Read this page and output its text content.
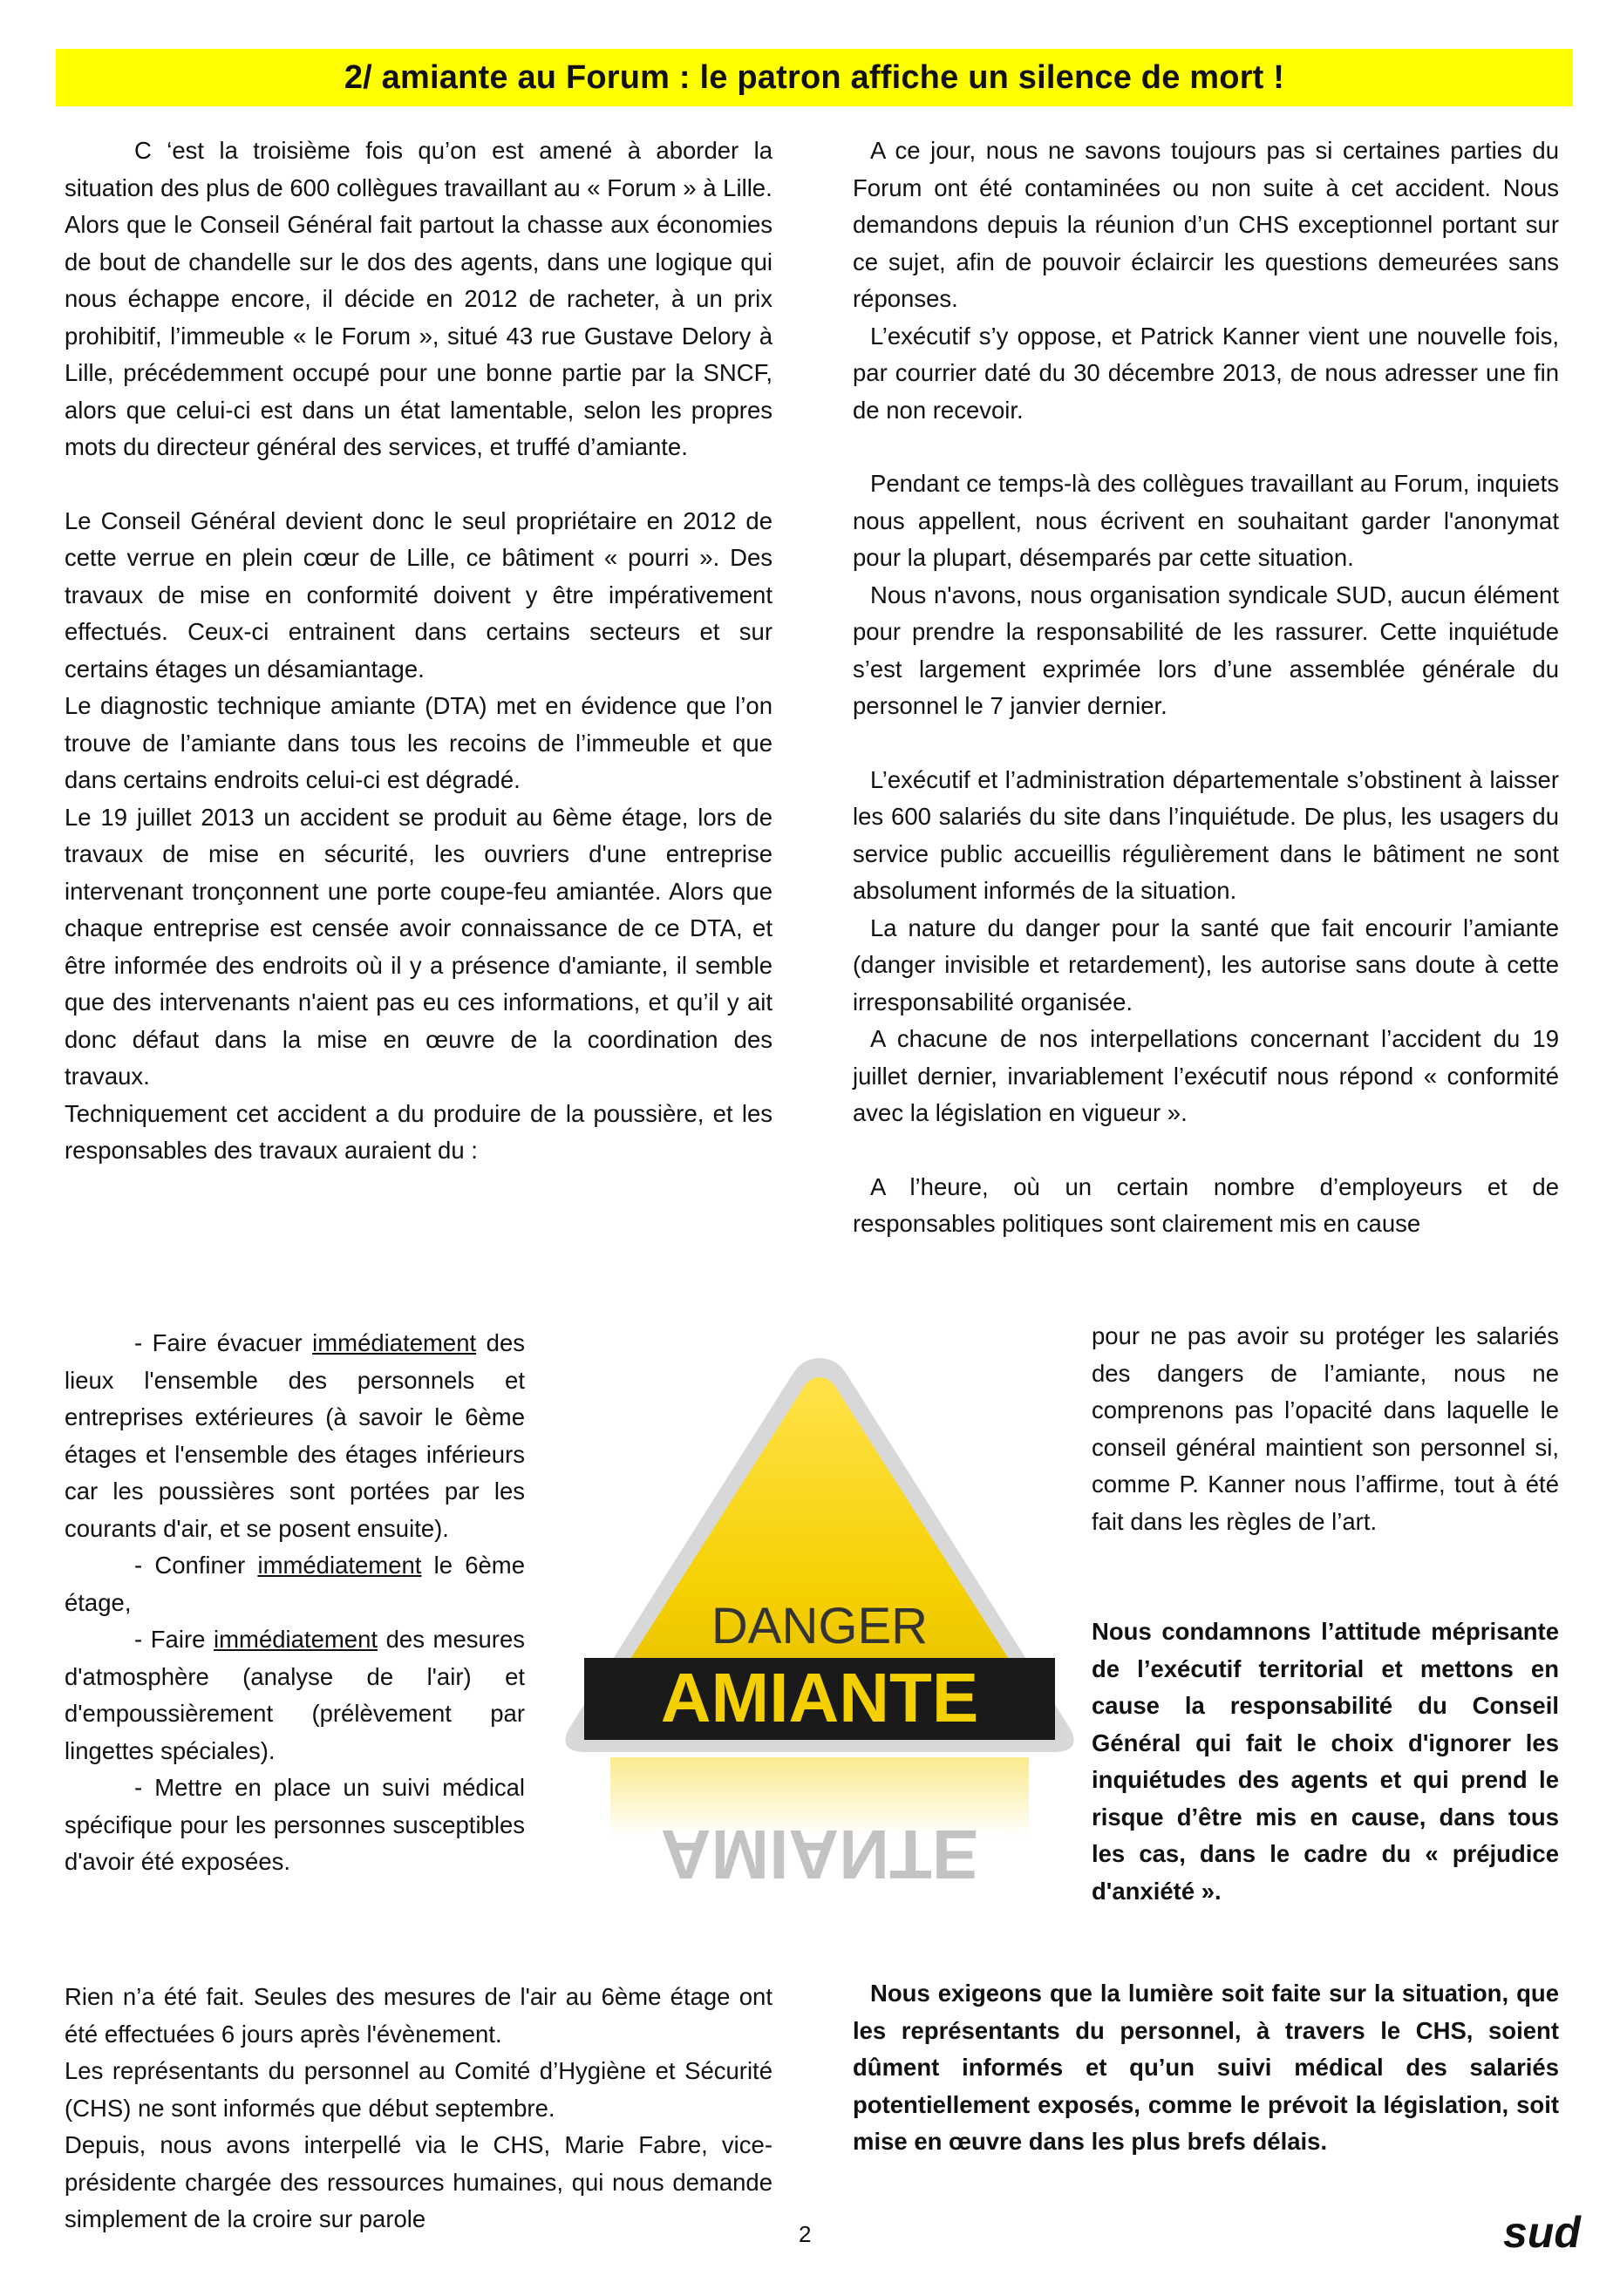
2/ amiante au Forum : le patron affiche un silence de mort !

C ‘est la troisième fois qu’on est amené à aborder la situation des plus de 600 collègues travaillant au « Forum » à Lille.

Alors que le Conseil Général fait partout la chasse aux économies de bout de chandelle sur le dos des agents, dans une logique qui nous échappe encore, il décide en 2012 de racheter, à un prix prohibitif, l’immeuble « le Forum », situé 43 rue Gustave Delory à Lille, précédemment occupé pour une bonne partie par la SNCF, alors que celui-ci est dans un état lamentable, selon les propres mots du directeur général des services, et truffé d’amiante.

Le Conseil Général devient donc le seul propriétaire en 2012 de cette verrue en plein cœur de Lille, ce bâtiment « pourri ». Des travaux de mise en conformité doivent y être impérativement effectués. Ceux-ci entrainent dans certains secteurs et sur certains étages un désamiantage.

Le diagnostic technique amiante (DTA) met en évidence que l’on trouve de l’amiante dans tous les recoins de l’immeuble et que dans certains endroits celui-ci est dégradé.

Le 19 juillet 2013 un accident se produit au 6ème étage, lors de travaux de mise en sécurité, les ouvriers d'une entreprise intervenant tronçonnent une porte coupe-feu amiantée. Alors que chaque entreprise est censée avoir connaissance de ce DTA, et être informée des endroits où il y a présence d'amiante, il semble que des intervenants n'aient pas eu ces informations, et qu’il y ait donc défaut dans la mise en œuvre de la coordination des travaux.

Techniquement cet accident a du produire de la poussière, et les responsables des travaux auraient du :

- Faire évacuer immédiatement des lieux l'ensemble des personnels et entreprises extérieures (à savoir le 6ème étages et l'ensemble des étages inférieurs car les poussières sont portées par les courants d'air, et se posent ensuite).

- Confiner immédiatement le 6ème étage,

- Faire immédiatement des mesures d'atmosphère (analyse de l'air) et d'empoussièrement (prélèvement par lingettes spéciales).

- Mettre en place un suivi médical spécifique pour les personnes susceptibles d'avoir été exposées.

Rien n’a été fait. Seules des mesures de l'air au 6ème étage ont été effectuées 6 jours après l'évènement.

Les représentants du personnel au Comité d’Hygiène et Sécurité (CHS) ne sont informés que début septembre.

Depuis, nous avons interpellé via le CHS, Marie Fabre, vice-présidente chargée des ressources humaines, qui nous demande simplement de la croire sur parole

A ce jour, nous ne savons toujours pas si certaines parties du Forum ont été contaminées ou non suite à cet accident. Nous demandons depuis la réunion d’un CHS exceptionnel portant sur ce sujet, afin de pouvoir éclaircir les questions demeurées sans réponses.

L’exécutif s’y oppose, et Patrick Kanner vient une nouvelle fois, par courrier daté du 30 décembre 2013, de nous adresser une fin de non recevoir.

Pendant ce temps-là des collègues travaillant au Forum, inquiets nous appellent, nous écrivent en souhaitant garder l'anonymat pour la plupart, désemparés par cette situation.

Nous n'avons, nous organisation syndicale SUD, aucun élément pour prendre la responsabilité de les rassurer. Cette inquiétude s’est largement exprimée lors d’une assemblée générale du personnel le 7 janvier dernier.

L’exécutif et l’administration départementale s’obstinent à laisser les 600 salariés du site dans l’inquiétude. De plus, les usagers du service public accueillis régulièrement dans le bâtiment ne sont absolument informés de la situation.

La nature du danger pour la santé que fait encourir l’amiante (danger invisible et retardement), les autorise sans doute à cette irresponsabilité organisée.

A chacune de nos interpellations concernant l’accident du 19 juillet dernier, invariablement l’exécutif nous répond « conformité avec la législation en vigueur ».

A l’heure, où un certain nombre d’employeurs et de responsables politiques sont clairement mis en cause

pour ne pas avoir su protéger les salariés des dangers de l’amiante, nous ne comprenons pas l’opacité dans laquelle le conseil général maintient son personnel si, comme P. Kanner nous l’affirme, tout à été fait dans les règles de l’art.

Nous condamnons l’attitude méprisante de l’exécutif territorial et mettons en cause la responsabilité du Conseil Général qui fait le choix d'ignorer les inquiétudes des agents et qui prend le risque d’être mis en cause, dans tous les cas, dans le cadre du « préjudice d'anxiété ».

Nous exigeons que la lumière soit faite sur la situation, que les représentants du personnel, à travers le CHS, soient dûment informés et qu’un suivi médical des salariés potentiellement exposés, comme le prévoit la législation, soit mise en œuvre dans les plus brefs délais.

DANGER
AMIANTE
AMIANTE
2	sud
